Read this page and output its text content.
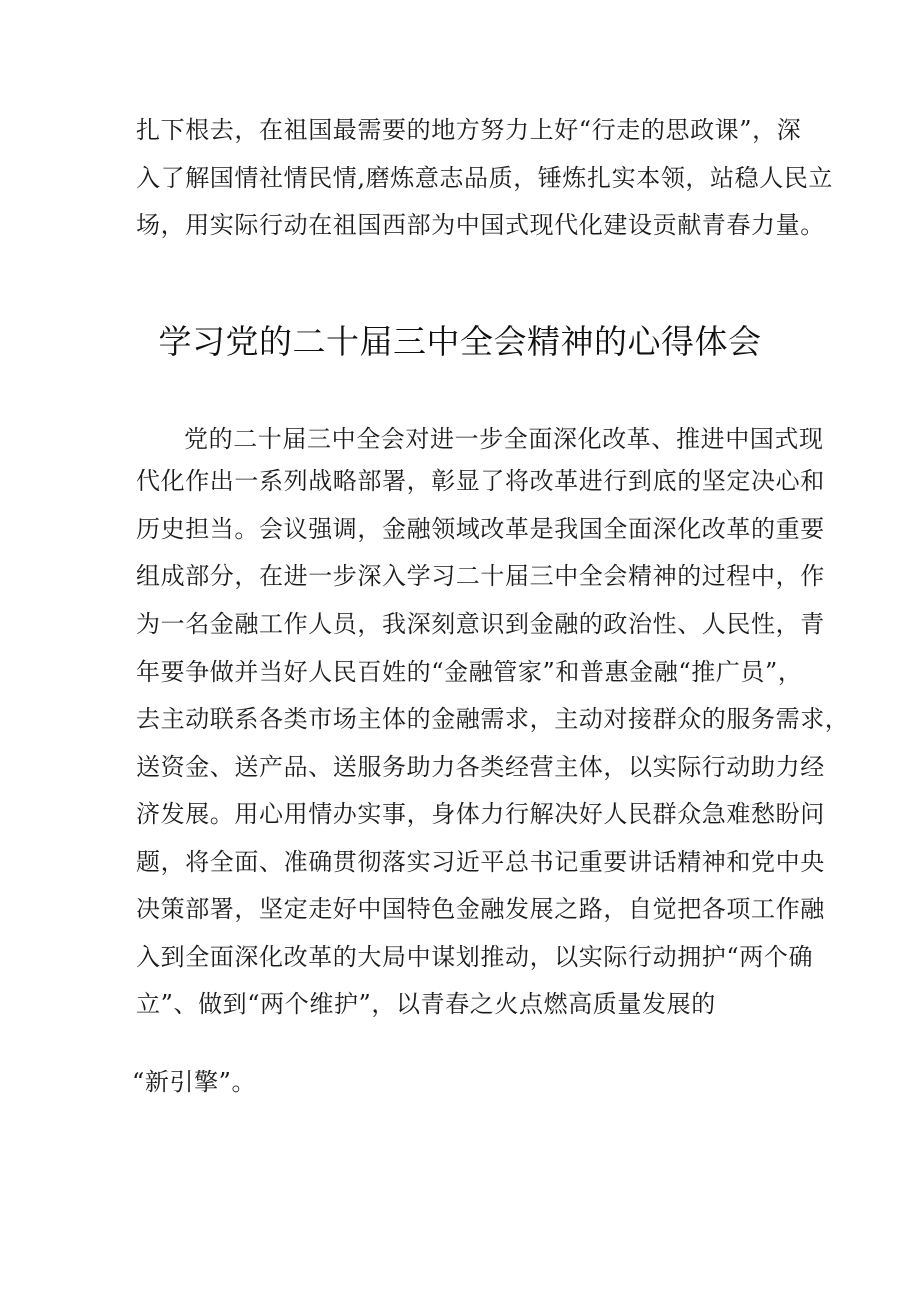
扎下根去，在祖国最需要的地方努力上好“行走的思政课”，深
入了解国情社情民情,磨炼意志品质，锤炼扎实本领，站稳人民立
场，用实际行动在祖国西部为中国式现代化建设贡献青春力量。
学习党的二十届三中全会精神的心得体会
党的二十届三中全会对进一步全面深化改革、推进中国式现
代化作出一系列战略部署，彰显了将改革进行到底的坚定决心和
历史担当。会议强调，金融领域改革是我国全面深化改革的重要
组成部分，在进一步深入学习二十届三中全会精神的过程中，作
为一名金融工作人员，我深刻意识到金融的政治性、人民性，青
年要争做并当好人民百姓的“金融管家”和普惠金融“推广员”，
去主动联系各类市场主体的金融需求，主动对接群众的服务需求，
送资金、送产品、送服务助力各类经营主体，以实际行动助力经
济发展。用心用情办实事，身体力行解决好人民群众急难愁盼问
题，将全面、准确贯彻落实习近平总书记重要讲话精神和党中央
决策部署，坚定走好中国特色金融发展之路，自觉把各项工作融
入到全面深化改革的大局中谋划推动，以实际行动拥护“两个确
立”、做到“两个维护”，以青春之火点燃高质量发展的
“新引擎”。
